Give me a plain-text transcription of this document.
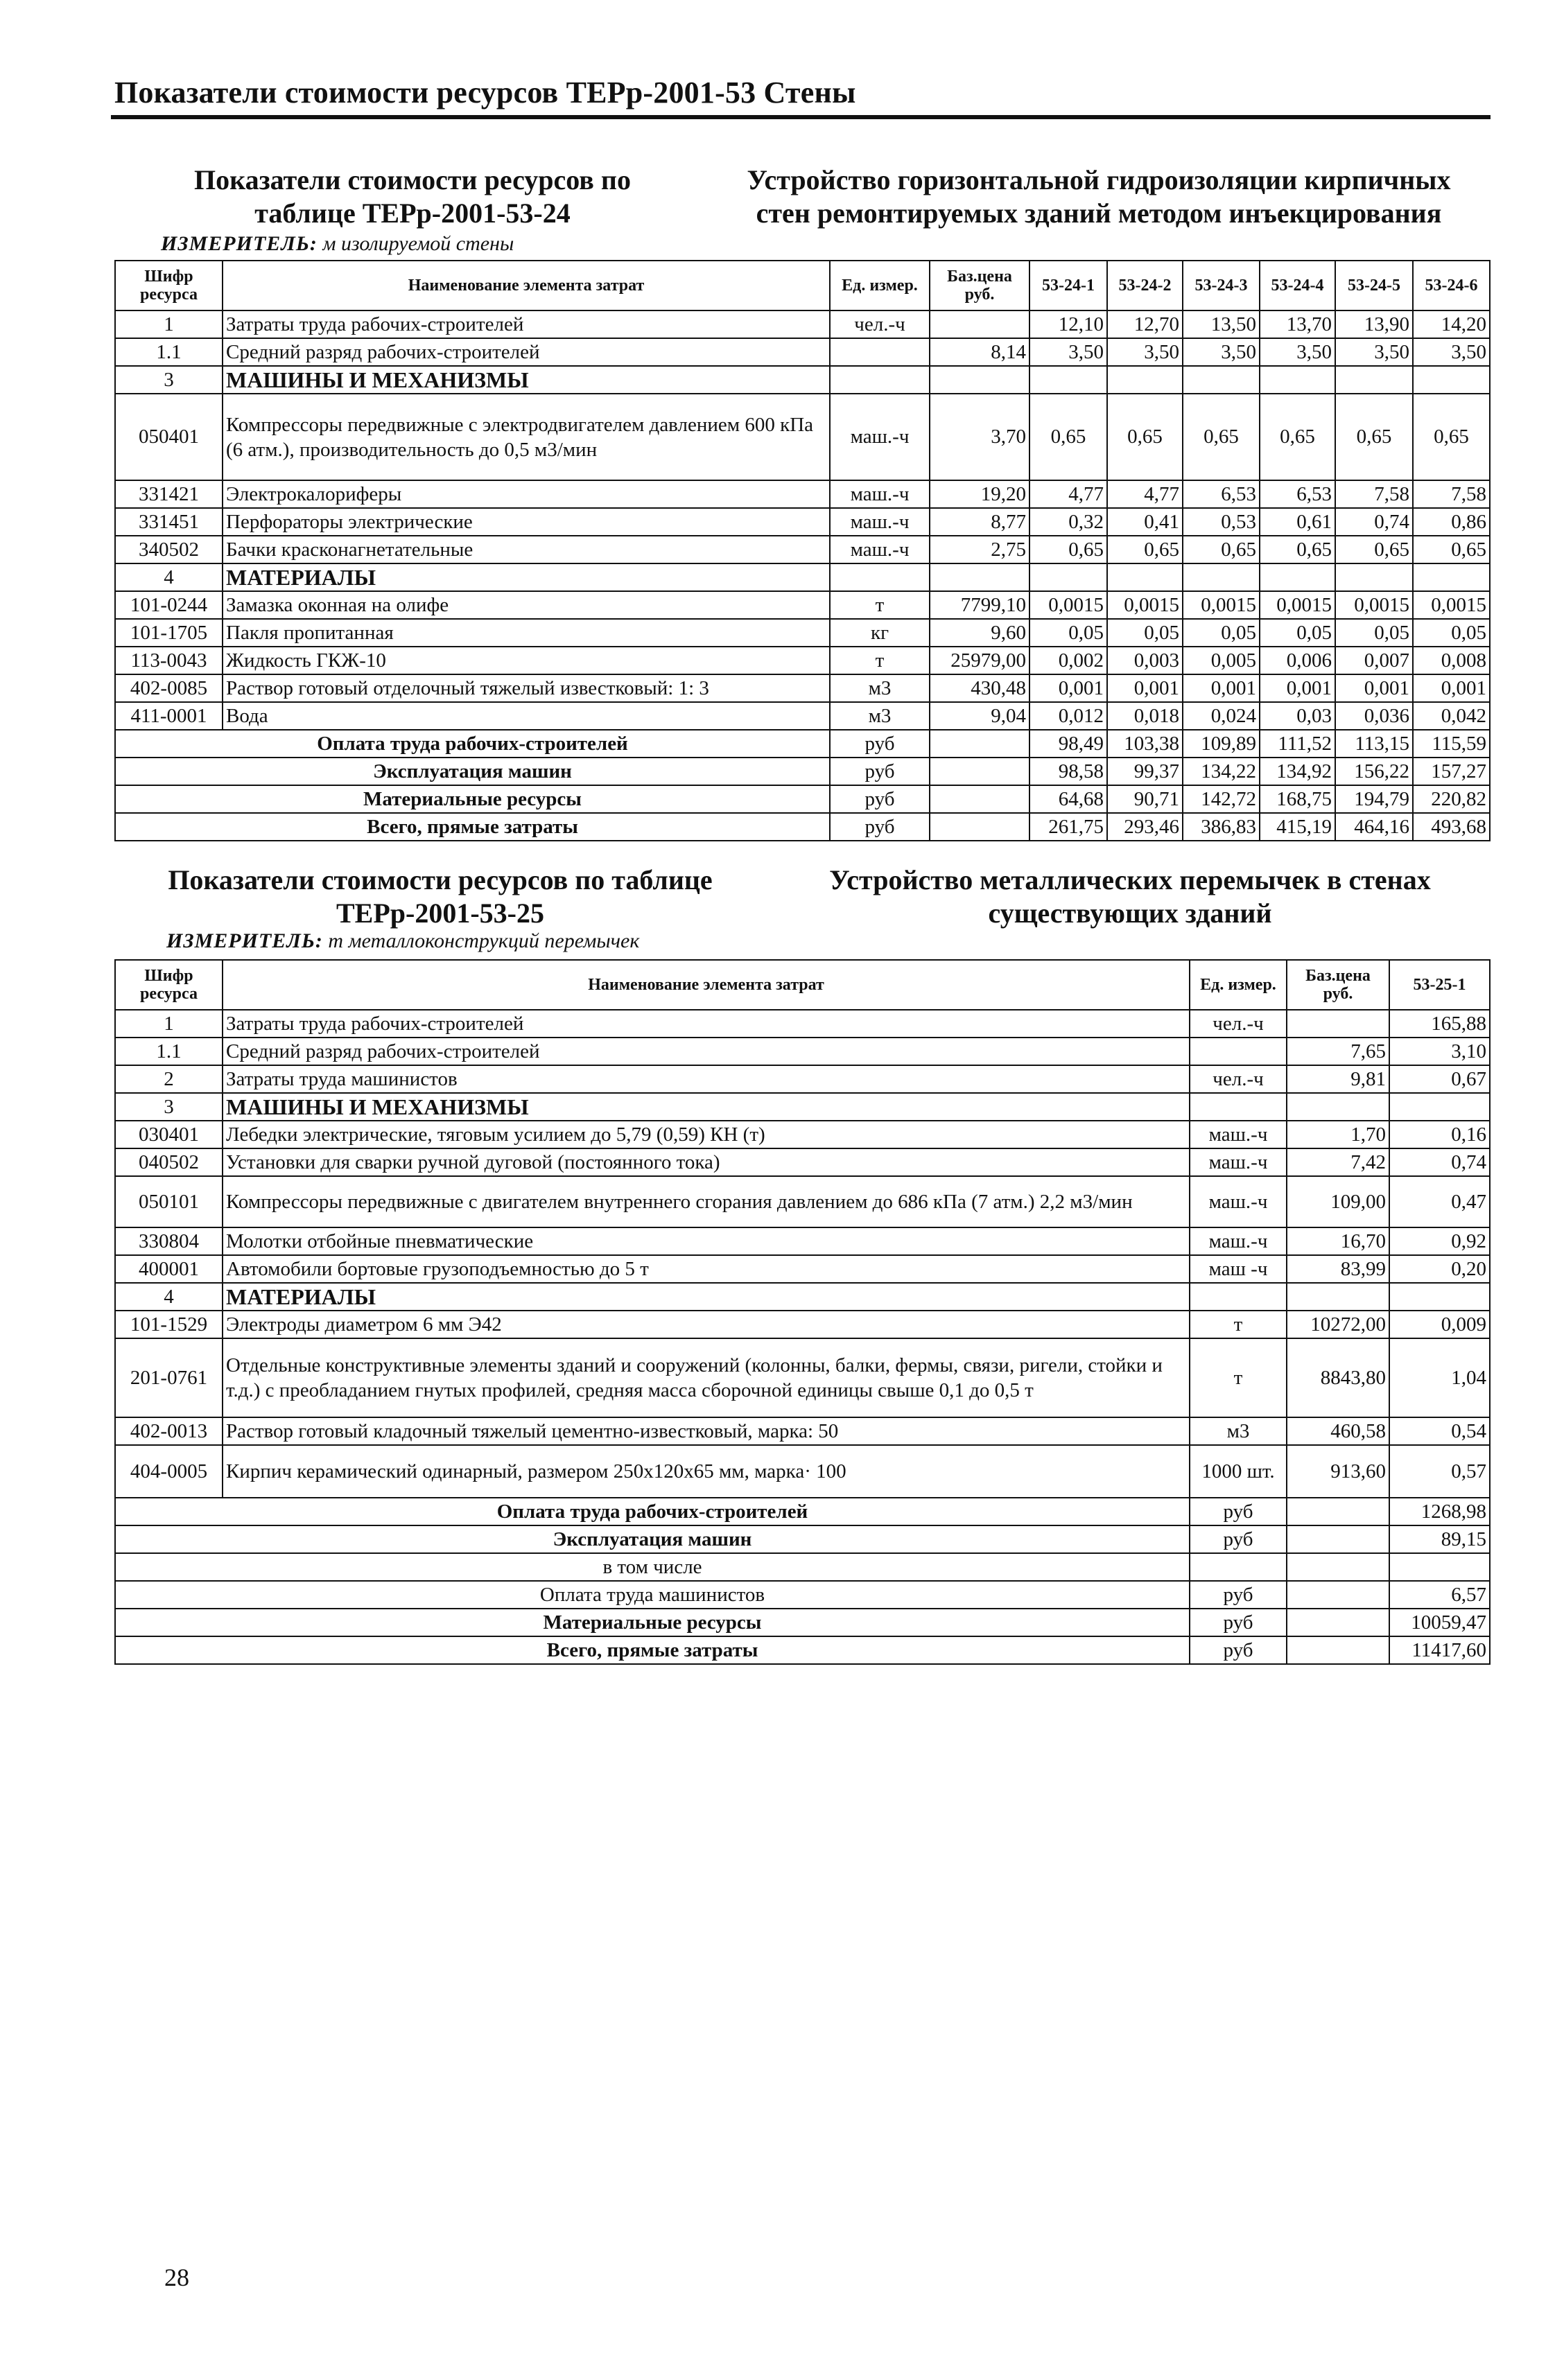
Показатели стоимости ресурсов ТЕРр-2001-53 Стены
Показатели стоимости ресурсов по
таблице ТЕРр-2001-53-24
Устройство горизонтальной гидроизоляции кирпичных
стен ремонтируемых зданий методом инъекцирования
ИЗМЕРИТЕЛЬ: м изолируемой стены
Шифр ресурса	Наименование элемента затрат	Ед. измер.	Баз.цена руб.	53-24-1	53-24-2	53-24-3	53-24-4	53-24-5	53-24-6
1	Затраты труда рабочих-строителей	чел.-ч		12,10	12,70	13,50	13,70	13,90	14,20
1.1	Средний разряд рабочих-строителей		8,14	3,50	3,50	3,50	3,50	3,50	3,50
3	МАШИНЫ И МЕХАНИЗМЫ								
050401	Компрессоры передвижные с электродвигателем давлением 600 кПа (6 атм.), производительность до 0,5 м3/мин	маш.-ч	3,70	0,65	0,65	0,65	0,65	0,65	0,65
331421	Электрокалориферы	маш.-ч	19,20	4,77	4,77	6,53	6,53	7,58	7,58
331451	Перфораторы электрические	маш.-ч	8,77	0,32	0,41	0,53	0,61	0,74	0,86
340502	Бачки красконагнетательные	маш.-ч	2,75	0,65	0,65	0,65	0,65	0,65	0,65
4	МАТЕРИАЛЫ								
101-0244	Замазка оконная на олифе	т	7799,10	0,0015	0,0015	0,0015	0,0015	0,0015	0,0015
101-1705	Пакля пропитанная	кг	9,60	0,05	0,05	0,05	0,05	0,05	0,05
113-0043	Жидкость ГКЖ-10	т	25979,00	0,002	0,003	0,005	0,006	0,007	0,008
402-0085	Раствор готовый отделочный тяжелый известковый: 1: 3	м3	430,48	0,001	0,001	0,001	0,001	0,001	0,001
411-0001	Вода	м3	9,04	0,012	0,018	0,024	0,03	0,036	0,042
Оплата труда рабочих-строителей		руб		98,49	103,38	109,89	111,52	113,15	115,59
Эксплуатация машин		руб		98,58	99,37	134,22	134,92	156,22	157,27
Материальные ресурсы		руб		64,68	90,71	142,72	168,75	194,79	220,82
Всего, прямые затраты		руб		261,75	293,46	386,83	415,19	464,16	493,68
Показатели стоимости ресурсов по таблице
ТЕРр-2001-53-25
Устройство металлических перемычек в стенах
существующих зданий
ИЗМЕРИТЕЛЬ: т металлоконструкций перемычек
Шифр ресурса	Наименование элемента затрат	Ед. измер.	Баз.цена руб.	53-25-1
1	Затраты труда рабочих-строителей	чел.-ч		165,88
1.1	Средний разряд рабочих-строителей		7,65	3,10
2	Затраты труда машинистов	чел.-ч	9,81	0,67
3	МАШИНЫ И МЕХАНИЗМЫ			
030401	Лебедки электрические, тяговым усилием до 5,79 (0,59) КН (т)	маш.-ч	1,70	0,16
040502	Установки для сварки ручной дуговой (постоянного тока)	маш.-ч	7,42	0,74
050101	Компрессоры передвижные с двигателем внутреннего сгорания давлением до 686 кПа (7 атм.) 2,2 м3/мин	маш.-ч	109,00	0,47
330804	Молотки отбойные пневматические	маш.-ч	16,70	0,92
400001	Автомобили бортовые грузоподъемностью до 5 т	маш -ч	83,99	0,20
4	МАТЕРИАЛЫ			
101-1529	Электроды диаметром 6 мм Э42	т	10272,00	0,009
201-0761	Отдельные конструктивные элементы зданий и сооружений (колонны, балки, фермы, связи, ригели, стойки и т.д.) с преобладанием гнутых профилей, средняя масса сборочной единицы свыше 0,1 до 0,5 т	т	8843,80	1,04
402-0013	Раствор готовый кладочный тяжелый цементно-известковый, марка: 50	м3	460,58	0,54
404-0005	Кирпич керамический одинарный, размером 250х120х65 мм, марка· 100	1000 шт.	913,60	0,57
Оплата труда рабочих-строителей		руб		1268,98
Эксплуатация машин		руб		89,15
в том числе				
Оплата труда машинистов		руб		6,57
Материальные ресурсы		руб		10059,47
Всего, прямые затраты		руб		11417,60
28
